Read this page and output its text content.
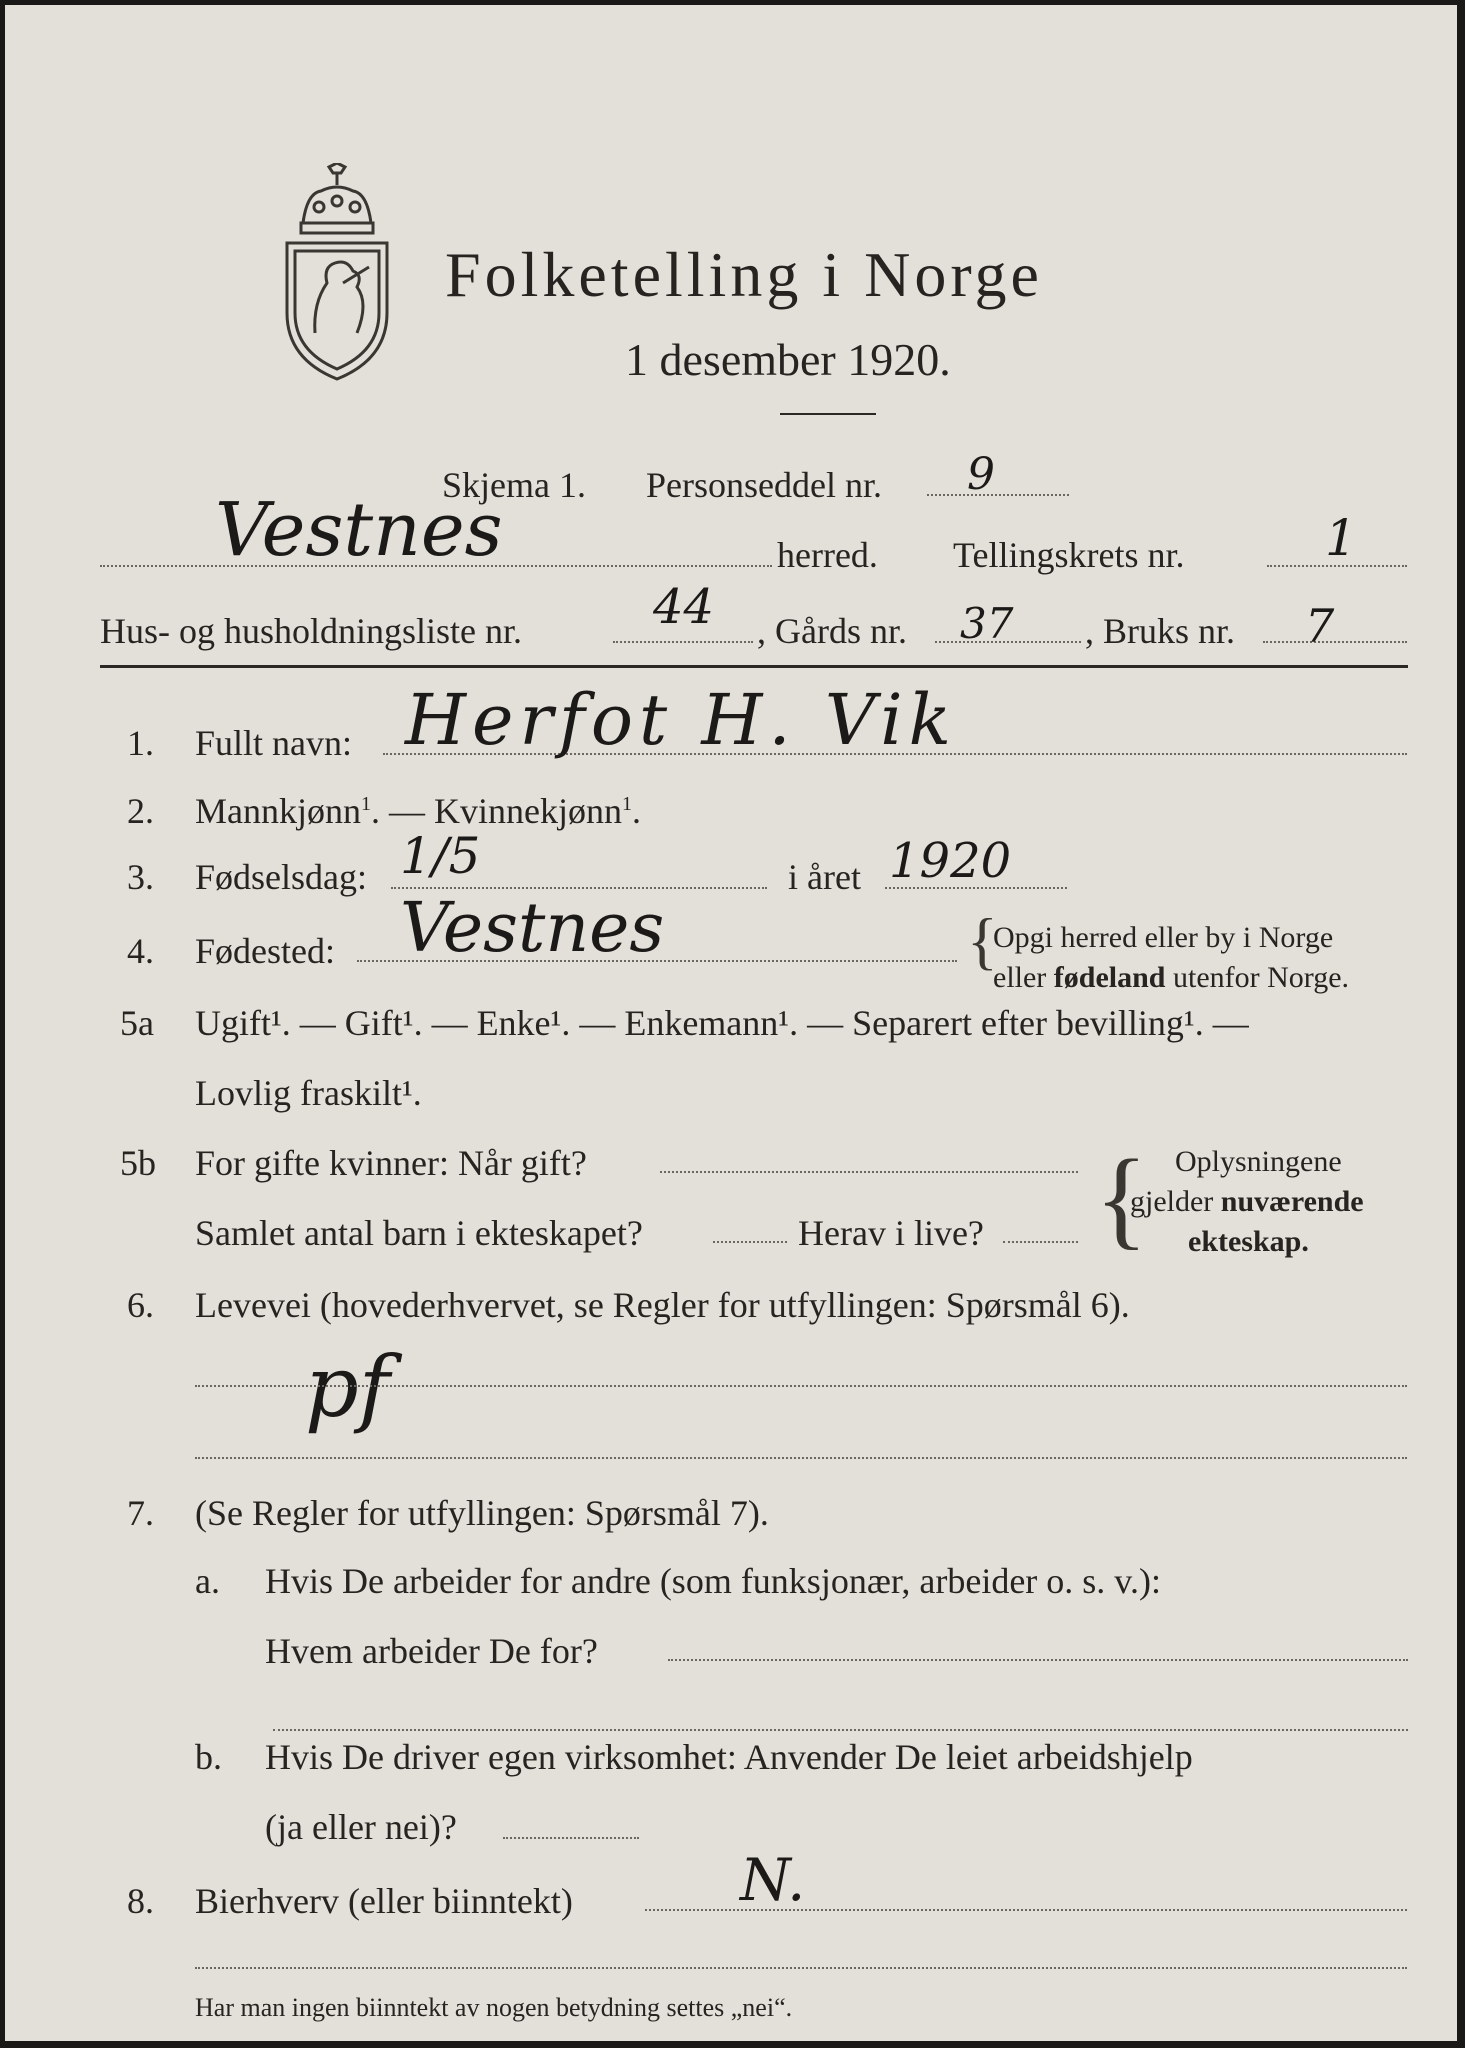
Folketelling i Norge
1 desember 1920.
Skjema 1. Personseddel nr. 9
Vestnes	herred. Tellingskrets nr.	1
Hus- og husholdningsliste nr.	44 , Gårds nr. 37 , Bruks nr. 7
1. Fullt navn: Herfot H. Vik
2. Mannkjønn$^1$. — Kvinnekjønn$^1$.
3. Fødselsdag: 1/5	i året 1920
4. Fødested: Vestnes	{
Opgi herred eller by i Norge
eller fødeland utenfor Norge.
5a Ugift¹. — Gift¹. — Enke¹. — Enkemann¹. — Separert efter bevilling¹. —
Lovlig fraskilt¹.
5b For gifte kvinner: Når gift?
Samlet antal barn i ekteskapet?	Herav i live? { Oplysningene
gjelder nuværende
ekteskap.
6. Levevei (hovederhvervet, se Regler for utfyllingen: Spørsmål 6).
pf
7. (Se Regler for utfyllingen: Spørsmål 7).
a. Hvis De arbeider for andre (som funksjonær, arbeider o. s. v.):
Hvem arbeider De for?
b. Hvis De driver egen virksomhet: Anvender De leiet arbeidshjelp
(ja eller nei)?
8. Bierhverv (eller biinntekt)	N.
Har man ingen biinntekt av nogen betydning settes „nei“.
